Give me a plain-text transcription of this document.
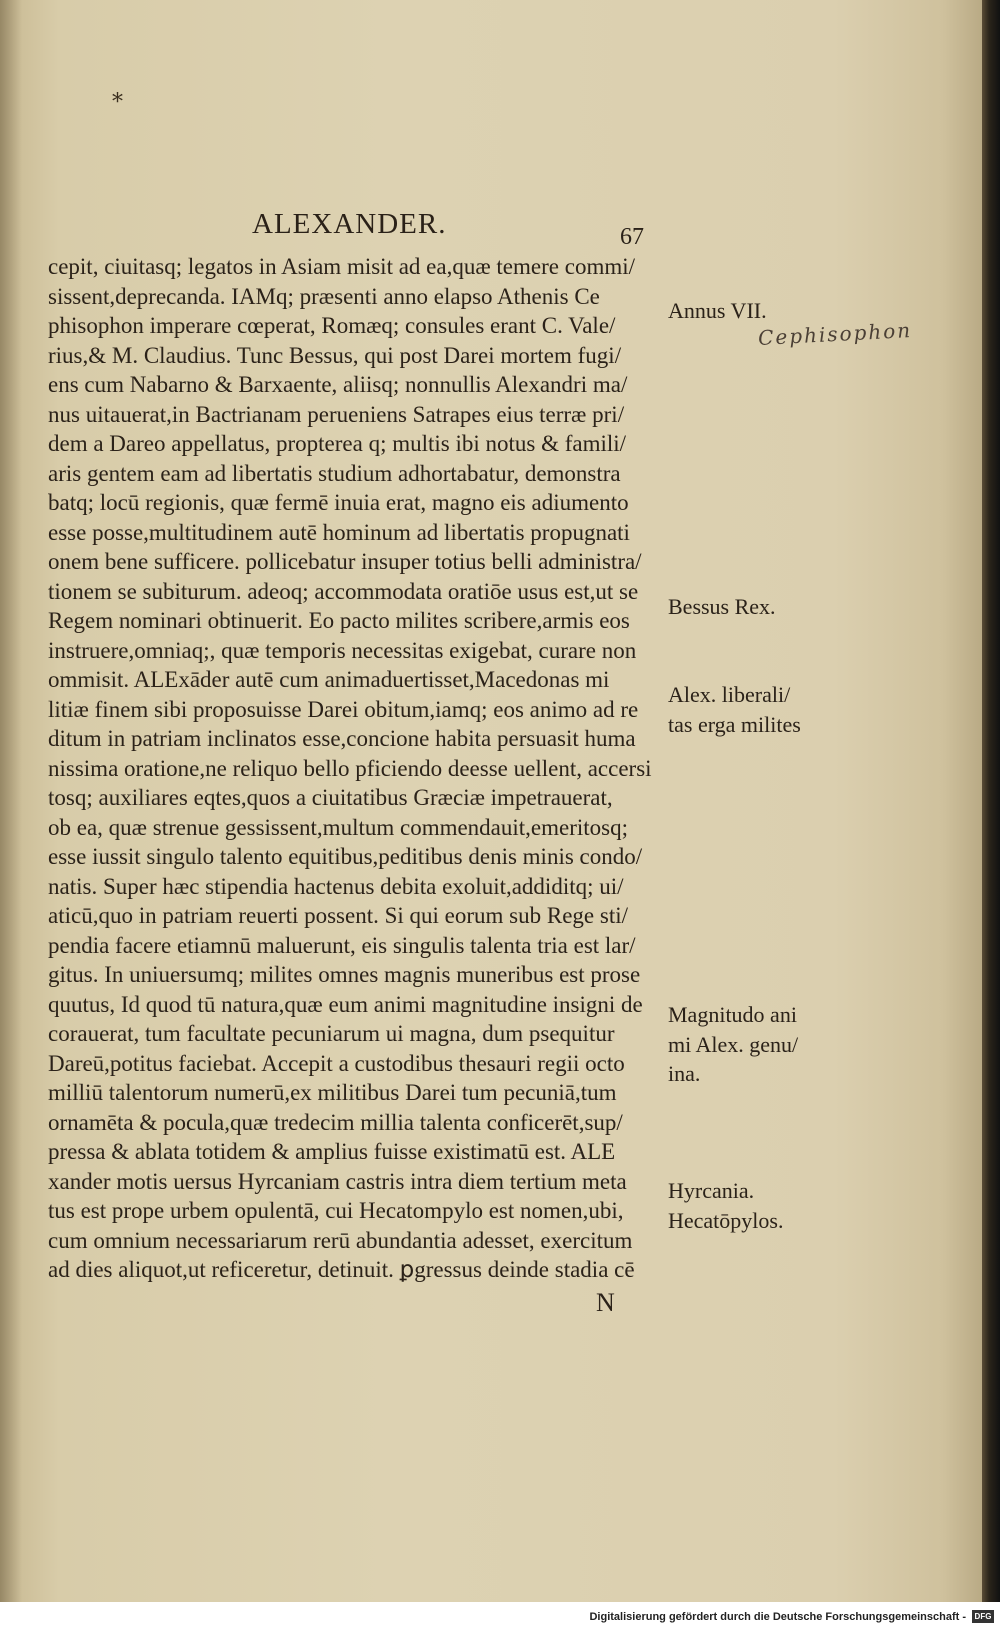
*
ALEXANDER.	67
cepit, ciuitasq; legatos in Asiam misit ad ea,quæ temere commi/
sissent,deprecanda. IAMq; præsenti anno elapso Athenis Ce
phisophon imperare cœperat, Romæq; consules erant C. Vale/
rius,& M. Claudius. Tunc Bessus, qui post Darei mortem fugi/
ens cum Nabarno & Barxaente, aliisq; nonnullis Alexandri ma/
nus uitauerat,in Bactrianam perueniens Satrapes eius terræ pri/
dem a Dareo appellatus, propterea q; multis ibi notus & famili/
aris gentem eam ad libertatis studium adhortabatur, demonstra
batq; locū regionis, quæ fermē inuia erat, magno eis adiumento
esse posse,multitudinem autē hominum ad libertatis propugnati
onem bene sufficere. pollicebatur insuper totius belli administra/
tionem se subiturum. adeoq; accommodata oratiōe usus est,ut se
Regem nominari obtinuerit. Eo pacto milites scribere,armis eos
instruere,omniaq;, quæ temporis necessitas exigebat, curare non
ommisit. ALExāder autē cum animaduertisset,Macedonas mi
litiæ finem sibi proposuisse Darei obitum,iamq; eos animo ad re
ditum in patriam inclinatos esse,concione habita persuasit huma
nissima oratione,ne reliquo bello pficiendo deesse uellent, accersi
tosq; auxiliares eqtes,quos a ciuitatibus Græciæ impetrauerat,
ob ea, quæ strenue gessissent,multum commendauit,emeritosq;
esse iussit singulo talento equitibus,peditibus denis minis condo/
natis. Super hæc stipendia hactenus debita exoluit,addiditq; ui/
aticū,quo in patriam reuerti possent. Si qui eorum sub Rege sti/
pendia facere etiamnū maluerunt, eis singulis talenta tria est lar/
gitus. In uniuersumq; milites omnes magnis muneribus est prose
quutus, Id quod tū natura,quæ eum animi magnitudine insigni de
corauerat, tum facultate pecuniarum ui magna, dum psequitur
Dareū,potitus faciebat. Accepit a custodibus thesauri regii octo
milliū talentorum numerū,ex militibus Darei tum pecuniā,tum
ornamēta & pocula,quæ tredecim millia talenta conficerēt,sup/
pressa & ablata totidem & amplius fuisse existimatū est. ALE
xander motis uersus Hyrcaniam castris intra diem tertium meta
tus est prope urbem opulentā, cui Hecatompylo est nomen,ubi,
cum omnium necessariarum rerū abundantia adesset, exercitum
ad dies aliquot,ut reficeretur, detinuit. ꝑgressus deinde stadia cē
Annus VII.
Cephisophon
Bessus Rex.
Alex. liberali/
tas erga milites
Magnitudo ani
mi Alex. genu/
ina.
Hyrcania.
Hecatōpylos.
N
Digitalisierung gefördert durch die Deutsche Forschungsgemeinschaft -	DFG
